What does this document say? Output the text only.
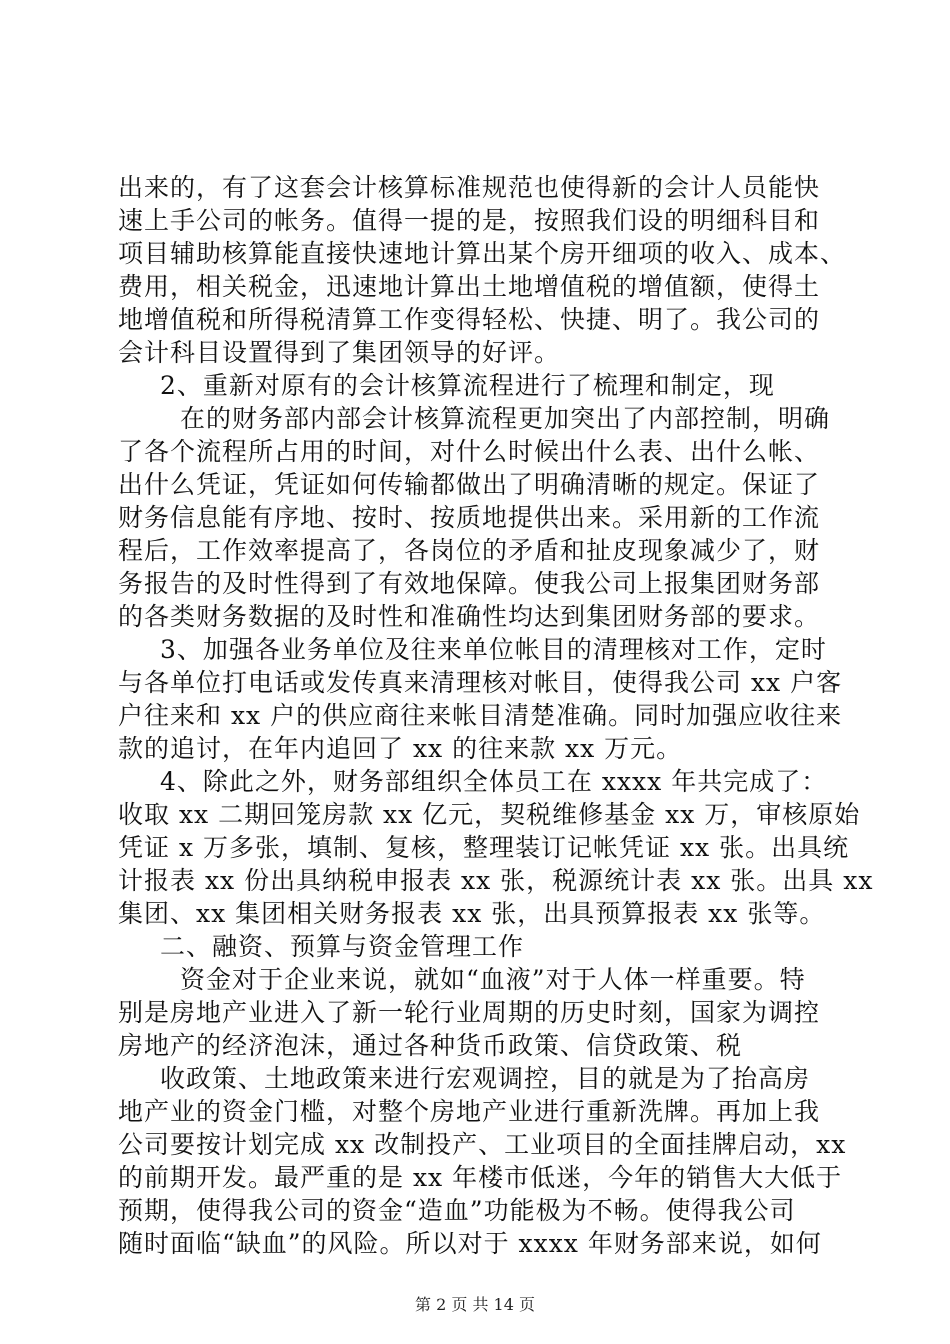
出来的，有了这套会计核算标准规范也使得新的会计人员能快
速上手公司的帐务。值得一提的是，按照我们设的明细科目和
项目辅助核算能直接快速地计算出某个房开细项的收入、成本、
费用，相关税金，迅速地计算出土地增值税的增值额，使得土
地增值税和所得税清算工作变得轻松、快捷、明了。我公司的
会计科目设置得到了集团领导的好评。
2、重新对原有的会计核算流程进行了梳理和制定，现
在的财务部内部会计核算流程更加突出了内部控制，明确
了各个流程所占用的时间，对什么时候出什么表、出什么帐、
出什么凭证，凭证如何传输都做出了明确清晰的规定。保证了
财务信息能有序地、按时、按质地提供出来。采用新的工作流
程后，工作效率提高了，各岗位的矛盾和扯皮现象减少了，财
务报告的及时性得到了有效地保障。使我公司上报集团财务部
的各类财务数据的及时性和准确性均达到集团财务部的要求。
3、加强各业务单位及往来单位帐目的清理核对工作，定时
与各单位打电话或发传真来清理核对帐目，使得我公司 xx 户客
户往来和 xx 户的供应商往来帐目清楚准确。同时加强应收往来
款的追讨，在年内追回了 xx 的往来款 xx 万元。
4、除此之外，财务部组织全体员工在 xxxx 年共完成了：
收取 xx 二期回笼房款 xx 亿元，契税维修基金 xx 万，审核原始
凭证 x 万多张，填制、复核，整理装订记帐凭证 xx 张。出具统
计报表 xx 份出具纳税申报表 xx 张，税源统计表 xx 张。出具 xx
集团、xx 集团相关财务报表 xx 张，出具预算报表 xx 张等。
二、融资、预算与资金管理工作
资金对于企业来说，就如“血液”对于人体一样重要。特
别是房地产业进入了新一轮行业周期的历史时刻，国家为调控
房地产的经济泡沫，通过各种货币政策、信贷政策、税
收政策、土地政策来进行宏观调控，目的就是为了抬高房
地产业的资金门槛，对整个房地产业进行重新洗牌。再加上我
公司要按计划完成 xx 改制投产、工业项目的全面挂牌启动，xx
的前期开发。最严重的是 xx 年楼市低迷，今年的销售大大低于
预期，使得我公司的资金“造血”功能极为不畅。使得我公司
随时面临“缺血”的风险。所以对于 xxxx 年财务部来说，如何
第 2 页 共 14 页
